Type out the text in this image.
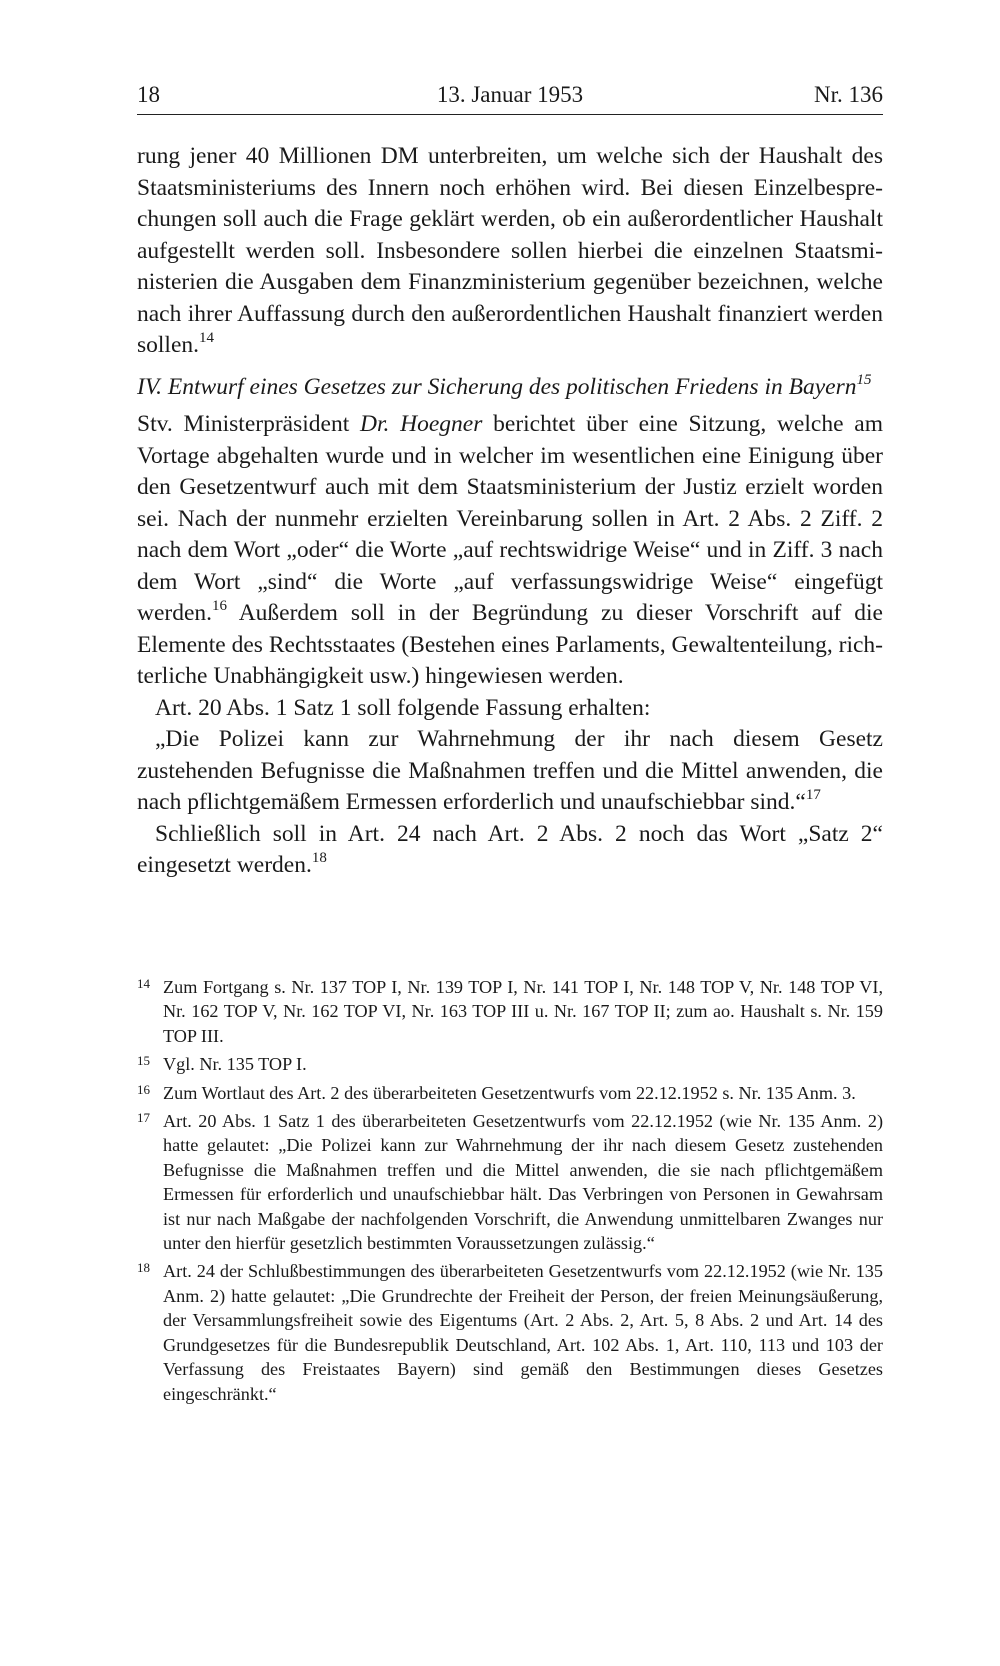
18	13. Januar 1953	Nr. 136

rung jener 40 Millionen DM unterbreiten, um welche sich der Haushalt des Staatsministeriums des Innern noch erhöhen wird. Bei diesen Einzelbesprechungen soll auch die Frage geklärt werden, ob ein außerordentlicher Haushalt aufgestellt werden soll. Insbesondere sollen hierbei die einzelnen Staatsministerien die Ausgaben dem Finanzministerium gegenüber bezeichnen, welche nach ihrer Auffassung durch den außerordentlichen Haushalt finanziert werden sollen.$^{14}$

IV. Entwurf eines Gesetzes zur Sicherung des politischen Friedens in Bayern$^{15}$

Stv. Ministerpräsident Dr. Hoegner berichtet über eine Sitzung, welche am Vortage abgehalten wurde und in welcher im wesentlichen eine Einigung über den Gesetzentwurf auch mit dem Staatsministerium der Justiz erzielt worden sei. Nach der nunmehr erzielten Vereinbarung sollen in Art. 2 Abs. 2 Ziff. 2 nach dem Wort „oder“ die Worte „auf rechtswidrige Weise“ und in Ziff. 3 nach dem Wort „sind“ die Worte „auf verfassungswidrige Weise“ eingefügt werden.$^{16}$ Außerdem soll in der Begründung zu dieser Vorschrift auf die Elemente des Rechtsstaates (Bestehen eines Parlaments, Gewaltenteilung, richterliche Unabhängigkeit usw.) hingewiesen werden.

Art. 20 Abs. 1 Satz 1 soll folgende Fassung erhalten:

„Die Polizei kann zur Wahrnehmung der ihr nach diesem Gesetz zustehenden Befugnisse die Maßnahmen treffen und die Mittel anwenden, die nach pflichtgemäßem Ermessen erforderlich und unaufschiebbar sind.“$^{17}$

Schließlich soll in Art. 24 nach Art. 2 Abs. 2 noch das Wort „Satz 2“ eingesetzt werden.$^{18}$

14 Zum Fortgang s. Nr. 137 TOP I, Nr. 139 TOP I, Nr. 141 TOP I, Nr. 148 TOP V, Nr. 148 TOP VI, Nr. 162 TOP V, Nr. 162 TOP VI, Nr. 163 TOP III u. Nr. 167 TOP II; zum ao. Haushalt s. Nr. 159 TOP III.
15 Vgl. Nr. 135 TOP I.
16 Zum Wortlaut des Art. 2 des überarbeiteten Gesetzentwurfs vom 22.12.1952 s. Nr. 135 Anm. 3.
17 Art. 20 Abs. 1 Satz 1 des überarbeiteten Gesetzentwurfs vom 22.12.1952 (wie Nr. 135 Anm. 2) hatte gelautet: „Die Polizei kann zur Wahrnehmung der ihr nach diesem Gesetz zustehenden Befugnisse die Maßnahmen treffen und die Mittel anwenden, die sie nach pflichtgemäßem Ermessen für erforderlich und unaufschiebbar hält. Das Verbringen von Personen in Gewahrsam ist nur nach Maßgabe der nachfolgenden Vorschrift, die Anwendung unmittelbaren Zwanges nur unter den hierfür gesetzlich bestimmten Voraussetzungen zulässig.“
18 Art. 24 der Schlußbestimmungen des überarbeiteten Gesetzentwurfs vom 22.12.1952 (wie Nr. 135 Anm. 2) hatte gelautet: „Die Grundrechte der Freiheit der Person, der freien Meinungsäußerung, der Versammlungsfreiheit sowie des Eigentums (Art. 2 Abs. 2, Art. 5, 8 Abs. 2 und Art. 14 des Grundgesetzes für die Bundesrepublik Deutschland, Art. 102 Abs. 1, Art. 110, 113 und 103 der Verfassung des Freistaates Bayern) sind gemäß den Bestimmungen dieses Gesetzes eingeschränkt.“
